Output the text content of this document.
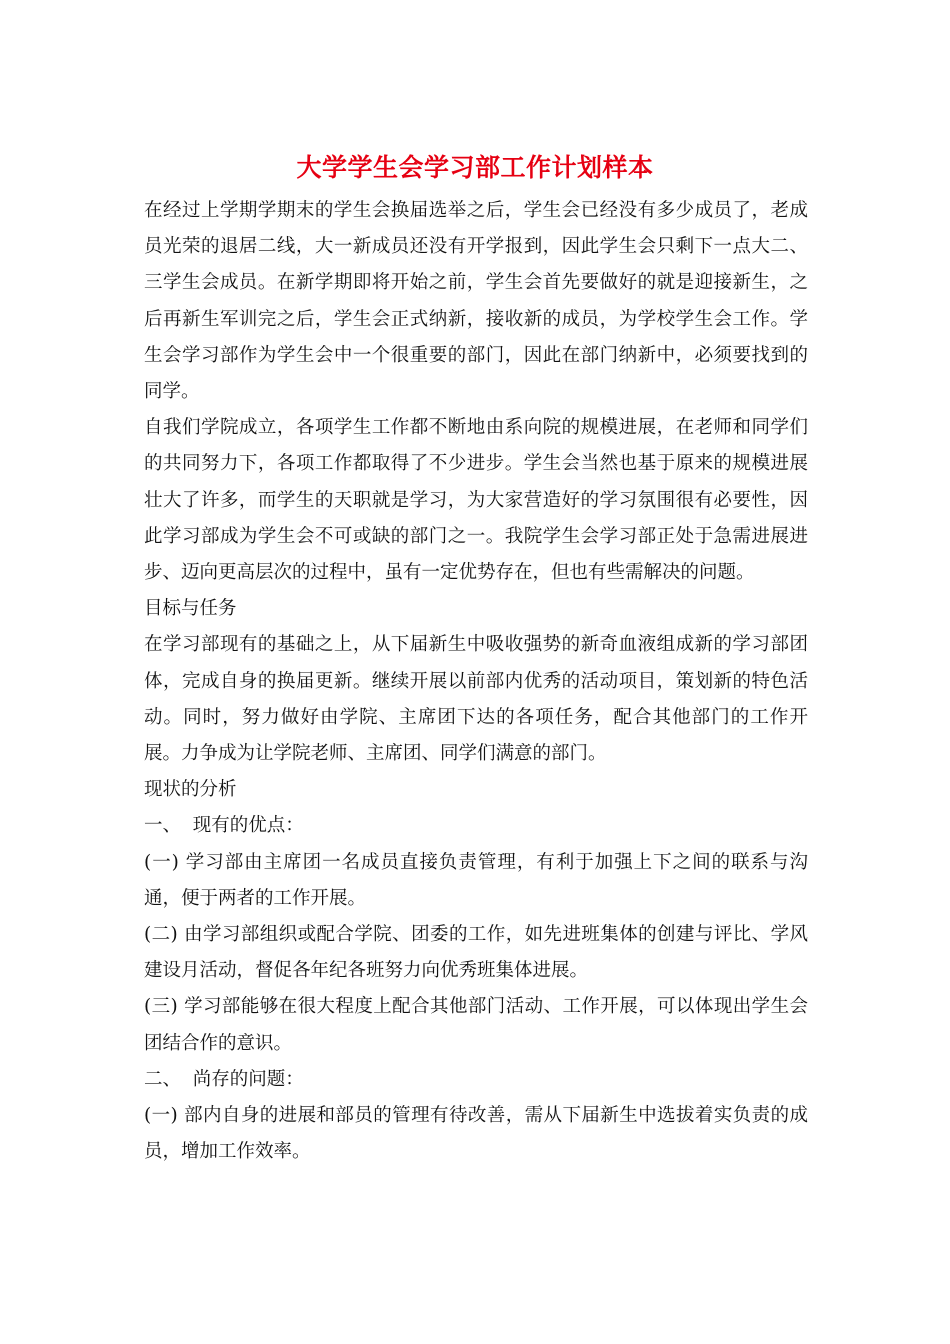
大学学生会学习部工作计划样本

在经过上学期学期末的学生会换届选举之后，学生会已经没有多少成员了，老成员光荣的退居二线，大一新成员还没有开学报到，因此学生会只剩下一点大二、三学生会成员。在新学期即将开始之前，学生会首先要做好的就是迎接新生，之后再新生军训完之后，学生会正式纳新，接收新的成员，为学校学生会工作。学生会学习部作为学生会中一个很重要的部门，因此在部门纳新中，必须要找到的同学。

自我们学院成立，各项学生工作都不断地由系向院的规模进展，在老师和同学们的共同努力下，各项工作都取得了不少进步。学生会当然也基于原来的规模进展壮大了许多，而学生的天职就是学习，为大家营造好的学习氛围很有必要性，因此学习部成为学生会不可或缺的部门之一。我院学生会学习部正处于急需进展进步、迈向更高层次的过程中，虽有一定优势存在，但也有些需解决的问题。

目标与任务

在学习部现有的基础之上，从下届新生中吸收强势的新奇血液组成新的学习部团体，完成自身的换届更新。继续开展以前部内优秀的活动项目，策划新的特色活动。同时，努力做好由学院、主席团下达的各项任务，配合其他部门的工作开展。力争成为让学院老师、主席团、同学们满意的部门。

现状的分析

一、  现有的优点：

(一) 学习部由主席团一名成员直接负责管理，有利于加强上下之间的联系与沟通，便于两者的工作开展。

(二) 由学习部组织或配合学院、团委的工作，如先进班集体的创建与评比、学风建设月活动，督促各年纪各班努力向优秀班集体进展。

(三) 学习部能够在很大程度上配合其他部门活动、工作开展，可以体现出学生会团结合作的意识。

二、  尚存的问题：

(一) 部内自身的进展和部员的管理有待改善，需从下届新生中选拔着实负责的成员，增加工作效率。
